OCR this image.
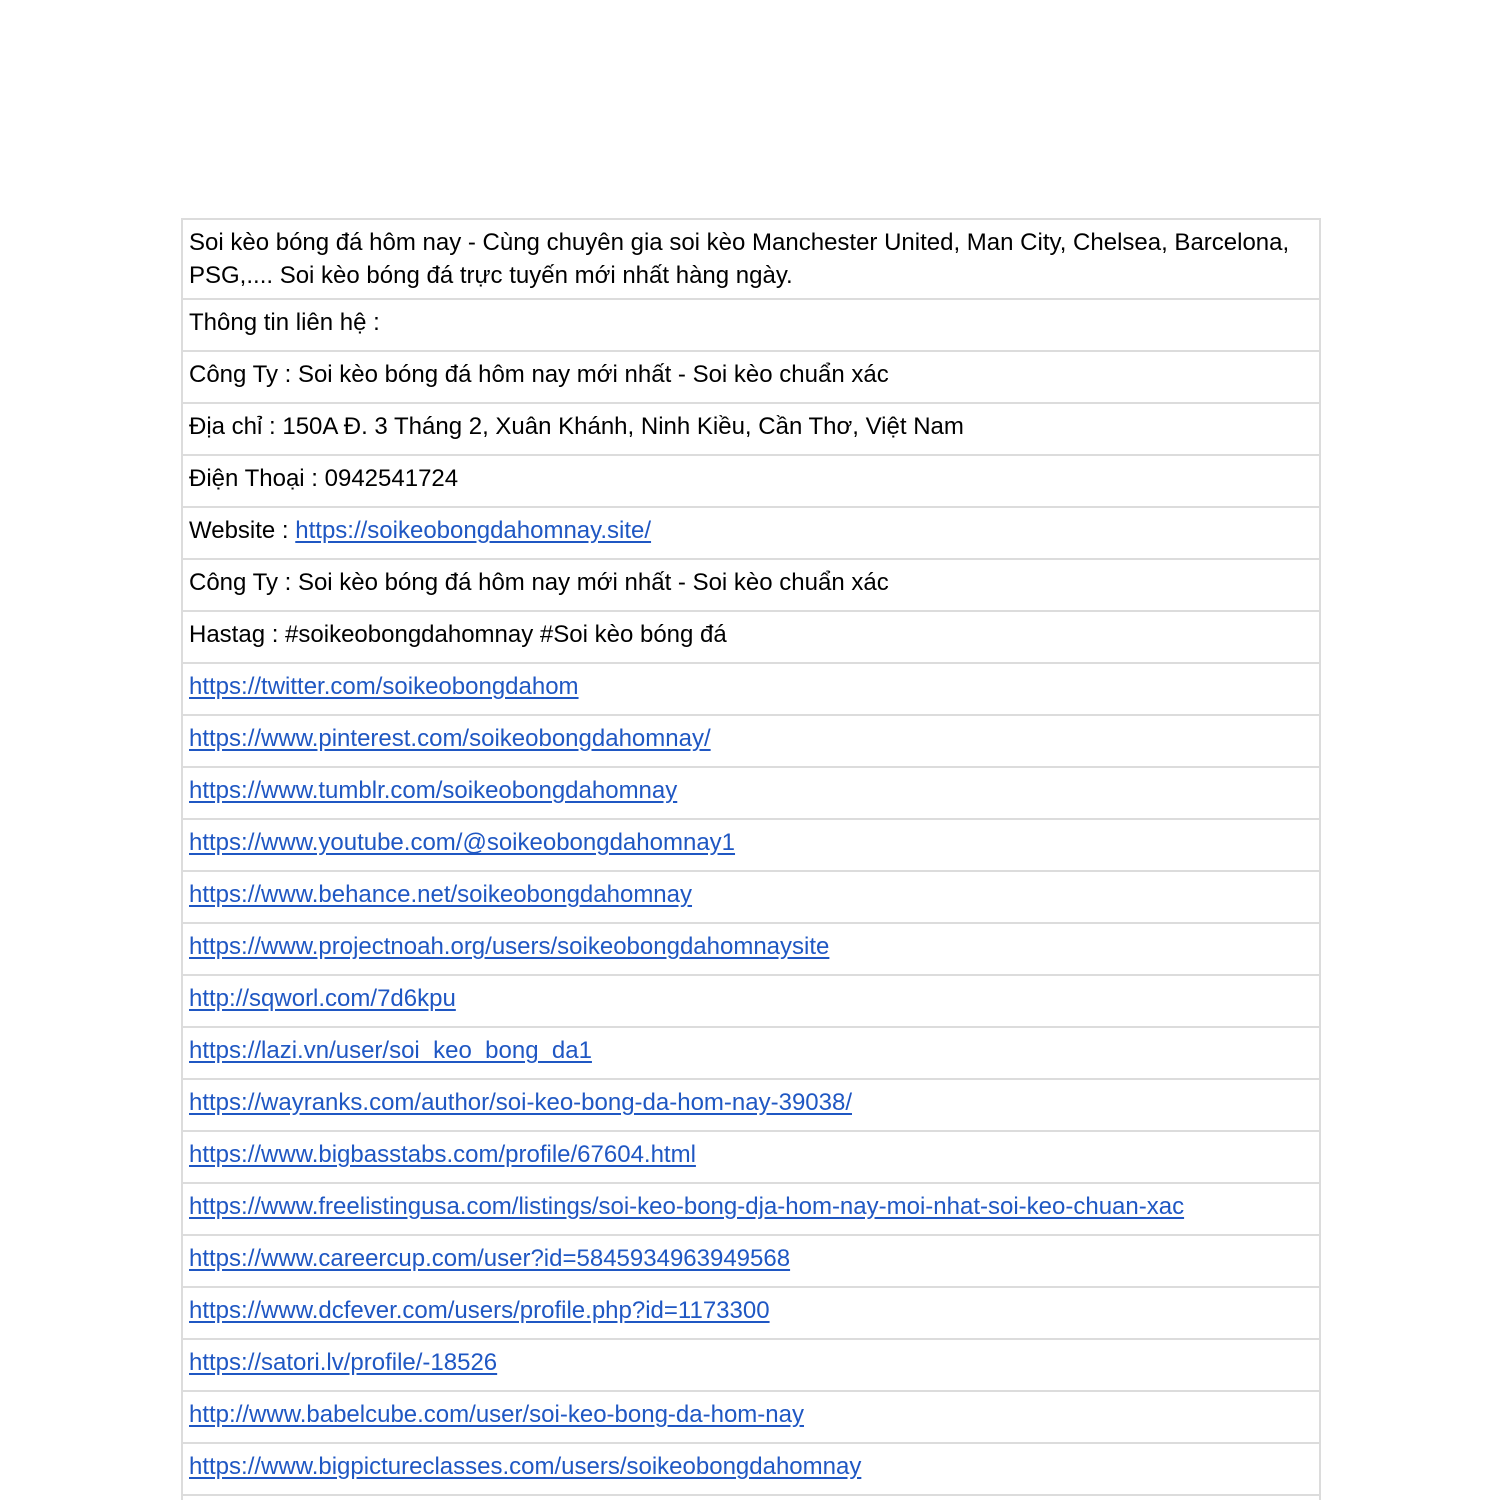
Soi kèo bóng đá hôm nay - Cùng chuyên gia soi kèo Manchester United, Man City, Chelsea, Barcelona, PSG,.... Soi kèo bóng đá trực tuyến mới nhất hàng ngày.
Thông tin liên hệ :
Công Ty : Soi kèo bóng đá hôm nay mới nhất - Soi kèo chuẩn xác
Địa chỉ : 150A Đ. 3 Tháng 2, Xuân Khánh, Ninh Kiều, Cần Thơ, Việt Nam
Điện Thoại : 0942541724
Website : https://soikeobongdahomnay.site/
Công Ty : Soi kèo bóng đá hôm nay mới nhất - Soi kèo chuẩn xác
Hastag : #soikeobongdahomnay #Soi kèo bóng đá
https://twitter.com/soikeobongdahom
https://www.pinterest.com/soikeobongdahomnay/
https://www.tumblr.com/soikeobongdahomnay
https://www.youtube.com/@soikeobongdahomnay1
https://www.behance.net/soikeobongdahomnay
https://www.projectnoah.org/users/soikeobongdahomnaysite
http://sqworl.com/7d6kpu
https://lazi.vn/user/soi_keo_bong_da1
https://wayranks.com/author/soi-keo-bong-da-hom-nay-39038/
https://www.bigbasstabs.com/profile/67604.html
https://www.freelistingusa.com/listings/soi-keo-bong-dja-hom-nay-moi-nhat-soi-keo-chuan-xac
https://www.careercup.com/user?id=5845934963949568
https://www.dcfever.com/users/profile.php?id=1173300
https://satori.lv/profile/-18526
http://www.babelcube.com/user/soi-keo-bong-da-hom-nay
https://www.bigpictureclasses.com/users/soikeobongdahomnay
